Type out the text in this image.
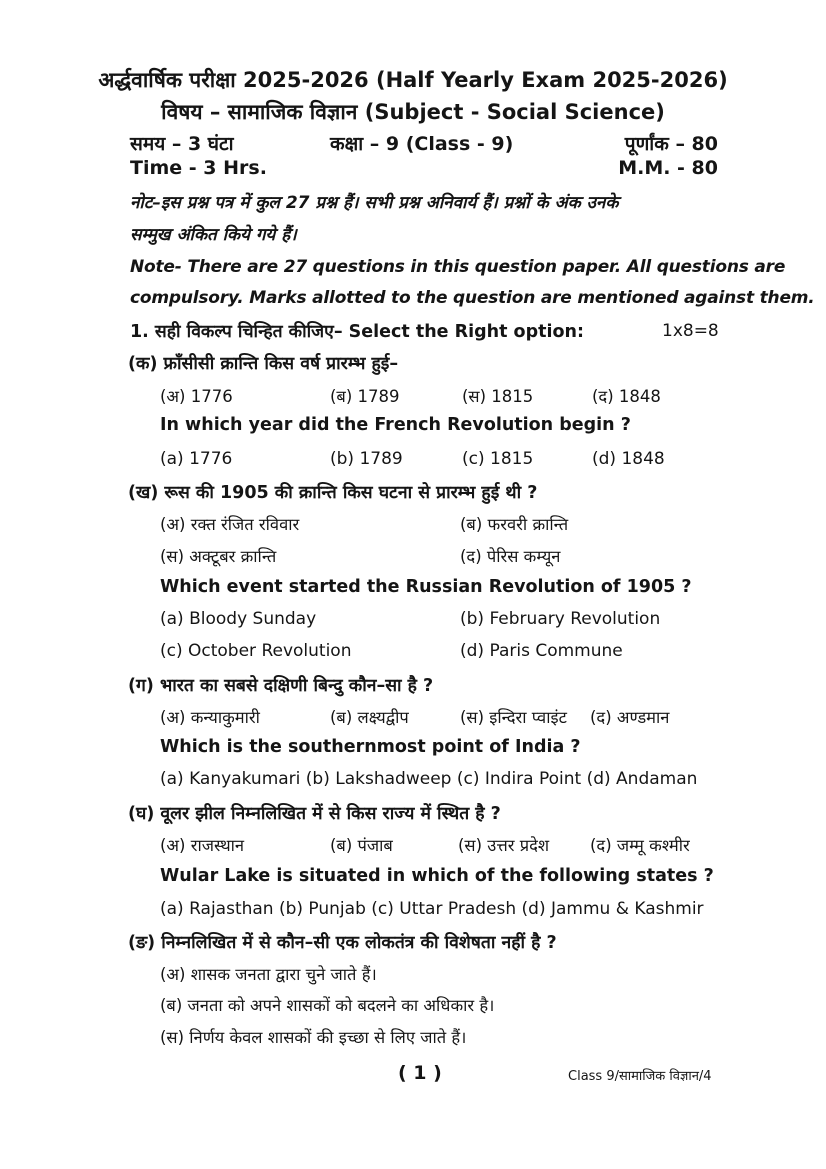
अर्द्धवार्षिक परीक्षा 2025-2026 (Half Yearly Exam 2025-2026)
विषय – सामाजिक विज्ञान (Subject - Social Science)
समय – 3 घंटा	कक्षा – 9 (Class - 9)	पूर्णांक – 80
Time - 3 Hrs.	M.M. - 80
नोट–इस प्रश्न पत्र में कुल 27 प्रश्न हैं। सभी प्रश्न अनिवार्य हैं। प्रश्नों के अंक उनके
सम्मुख अंकित किये गये हैं।
Note- There are 27 questions in this question paper. All questions are
compulsory. Marks allotted to the question are mentioned against them.
1. सही विकल्प चिन्हित कीजिए– Select the Right option:	1x8=8
(क) फ्राँसीसी क्रान्ति किस वर्ष प्रारम्भ हुई–
(अ) 1776	(ब) 1789	(स) 1815	(द) 1848
In which year did the French Revolution begin ?
(a) 1776	(b) 1789	(c) 1815	(d) 1848
(ख) रूस की 1905 की क्रान्ति किस घटना से प्रारम्भ हुई थी ?
(अ) रक्त रंजित रविवार	(ब) फरवरी क्रान्ति
(स) अक्टूबर क्रान्ति	(द) पेरिस कम्यून
Which event started the Russian Revolution of 1905 ?
(a) Bloody Sunday	(b) February Revolution
(c) October Revolution	(d) Paris Commune
(ग) भारत का सबसे दक्षिणी बिन्दु कौन–सा है ?
(अ) कन्याकुमारी	(ब) लक्ष्यद्वीप	(स) इन्दिरा प्वाइंट (द) अण्डमान
Which is the southernmost point of India ?
(a) Kanyakumari (b) Lakshadweep (c) Indira Point (d) Andaman
(घ) वूलर झील निम्नलिखित में से किस राज्य में स्थित है ?
(अ) राजस्थान	(ब) पंजाब	(स) उत्तर प्रदेश (द) जम्मू कश्मीर
Wular Lake is situated in which of the following states ?
(a) Rajasthan (b) Punjab (c) Uttar Pradesh (d) Jammu & Kashmir
(ङ) निम्नलिखित में से कौन–सी एक लोकतंत्र की विशेषता नहीं है ?
(अ) शासक जनता द्वारा चुने जाते हैं।
(ब) जनता को अपने शासकों को बदलने का अधिकार है।
(स) निर्णय केवल शासकों की इच्छा से लिए जाते हैं।
( 1 )	Class 9/सामाजिक विज्ञान/4
